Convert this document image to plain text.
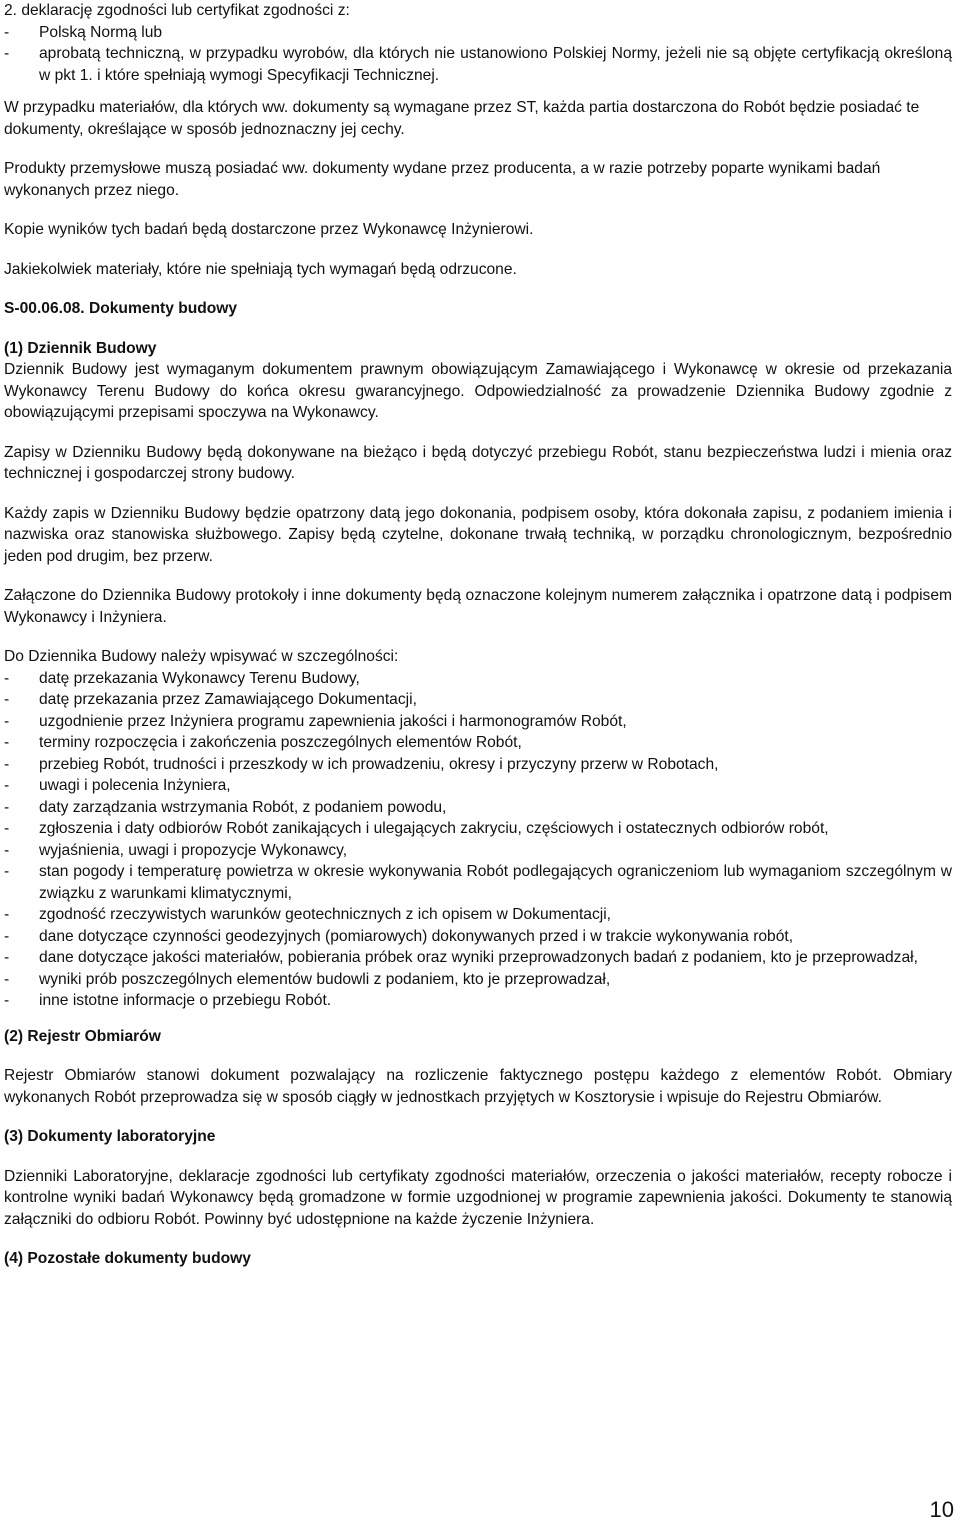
2. deklarację zgodności lub certyfikat zgodności z:

-	Polską Normą lub
-	aprobatą techniczną, w przypadku wyrobów, dla których nie ustanowiono Polskiej Normy, jeżeli nie są objęte certyfikacją określoną w pkt 1. i które spełniają wymogi Specyfikacji Technicznej.

W przypadku materiałów, dla których ww. dokumenty są wymagane przez ST, każda partia dostarczona do Robót będzie posiadać te dokumenty, określające w sposób jednoznaczny jej cechy.

Produkty przemysłowe muszą posiadać ww. dokumenty wydane przez producenta, a w razie potrzeby poparte wynikami badań wykonanych przez niego.

Kopie wyników tych badań będą dostarczone przez Wykonawcę Inżynierowi.

Jakiekolwiek materiały, które nie spełniają tych wymagań będą odrzucone.

S-00.06.08. Dokumenty budowy

(1) Dziennik Budowy

Dziennik Budowy jest wymaganym dokumentem prawnym obowiązującym Zamawiającego i Wykonawcę w okresie od przekazania Wykonawcy Terenu Budowy do końca okresu gwarancyjnego. Odpowiedzialność za prowadzenie Dziennika Budowy zgodnie z obowiązującymi przepisami spoczywa na Wykonawcy.

Zapisy w Dzienniku Budowy będą dokonywane na bieżąco i będą dotyczyć przebiegu Robót, stanu bezpieczeństwa ludzi i mienia oraz technicznej i gospodarczej strony budowy.

Każdy zapis w Dzienniku Budowy będzie opatrzony datą jego dokonania, podpisem osoby, która dokonała zapisu, z podaniem imienia i nazwiska oraz stanowiska służbowego. Zapisy będą czytelne, dokonane trwałą techniką, w porządku chronologicznym, bezpośrednio jeden pod drugim, bez przerw.

Załączone do Dziennika Budowy protokoły i inne dokumenty będą oznaczone kolejnym numerem załącznika i opatrzone datą i podpisem Wykonawcy i Inżyniera.

Do Dziennika Budowy należy wpisywać w szczególności:

-	datę przekazania Wykonawcy Terenu Budowy,
-	datę przekazania przez Zamawiającego Dokumentacji,
-	uzgodnienie przez Inżyniera programu zapewnienia jakości i harmonogramów Robót,
-	terminy rozpoczęcia i zakończenia poszczególnych elementów Robót,
-	przebieg Robót, trudności i przeszkody w ich prowadzeniu, okresy i przyczyny przerw w Robotach,
-	uwagi i polecenia Inżyniera,
-	daty zarządzania wstrzymania Robót, z podaniem powodu,
-	zgłoszenia i daty odbiorów Robót zanikających i ulegających zakryciu, częściowych i ostatecznych odbiorów robót,
-	wyjaśnienia, uwagi i propozycje Wykonawcy,
-	stan pogody i temperaturę powietrza w okresie wykonywania Robót podlegających ograniczeniom lub wymaganiom szczególnym w związku z warunkami klimatycznymi,
-	zgodność rzeczywistych warunków geotechnicznych z ich opisem w Dokumentacji,
-	dane dotyczące czynności geodezyjnych (pomiarowych) dokonywanych przed i w trakcie wykonywania robót,
-	dane dotyczące jakości materiałów, pobierania próbek oraz wyniki przeprowadzonych badań z podaniem, kto je przeprowadzał,
-	wyniki prób poszczególnych elementów budowli z podaniem, kto je przeprowadzał,
-	inne istotne informacje o przebiegu Robót.

(2) Rejestr Obmiarów

Rejestr Obmiarów stanowi dokument pozwalający na rozliczenie faktycznego postępu każdego z elementów Robót. Obmiary wykonanych Robót przeprowadza się w sposób ciągły w jednostkach przyjętych w Kosztorysie i wpisuje do Rejestru Obmiarów.

(3) Dokumenty laboratoryjne

Dzienniki Laboratoryjne, deklaracje zgodności lub certyfikaty zgodności materiałów, orzeczenia o jakości materiałów, recepty robocze i kontrolne wyniki badań Wykonawcy będą gromadzone w formie uzgodnionej w programie zapewnienia jakości. Dokumenty te stanowią załączniki do odbioru Robót. Powinny być udostępnione na każde życzenie Inżyniera.

(4) Pozostałe dokumenty budowy

10
